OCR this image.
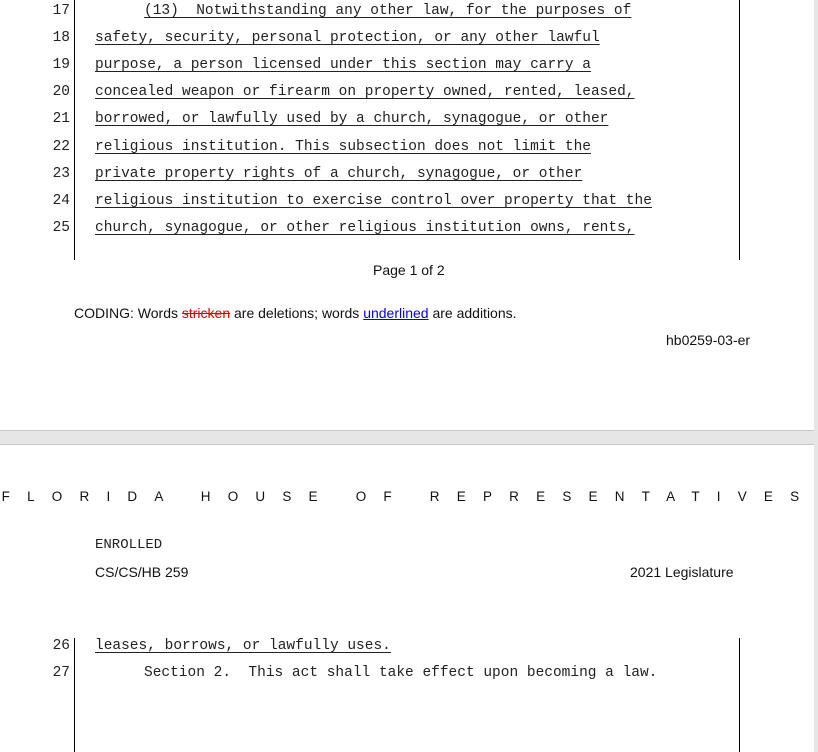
17	(13)  Notwithstanding any other law, for the purposes of
18 safety, security, personal protection, or any other lawful
19 purpose, a person licensed under this section may carry a
20 concealed weapon or firearm on property owned, rented, leased,
21 borrowed, or lawfully used by a church, synagogue, or other
22 religious institution. This subsection does not limit the
23 private property rights of a church, synagogue, or other
24 religious institution to exercise control over property that the
25 church, synagogue, or other religious institution owns, rents,
Page 1 of 2
CODING: Words stricken are deletions; words underlined are additions.
hb0259-03-er
FLORIDA HOUSE OF REPRESENTATIVES
ENROLLED
CS/CS/HB 259	2021 Legislature
26 leases, borrows, or lawfully uses.
27	Section 2.  This act shall take effect upon becoming a law.
